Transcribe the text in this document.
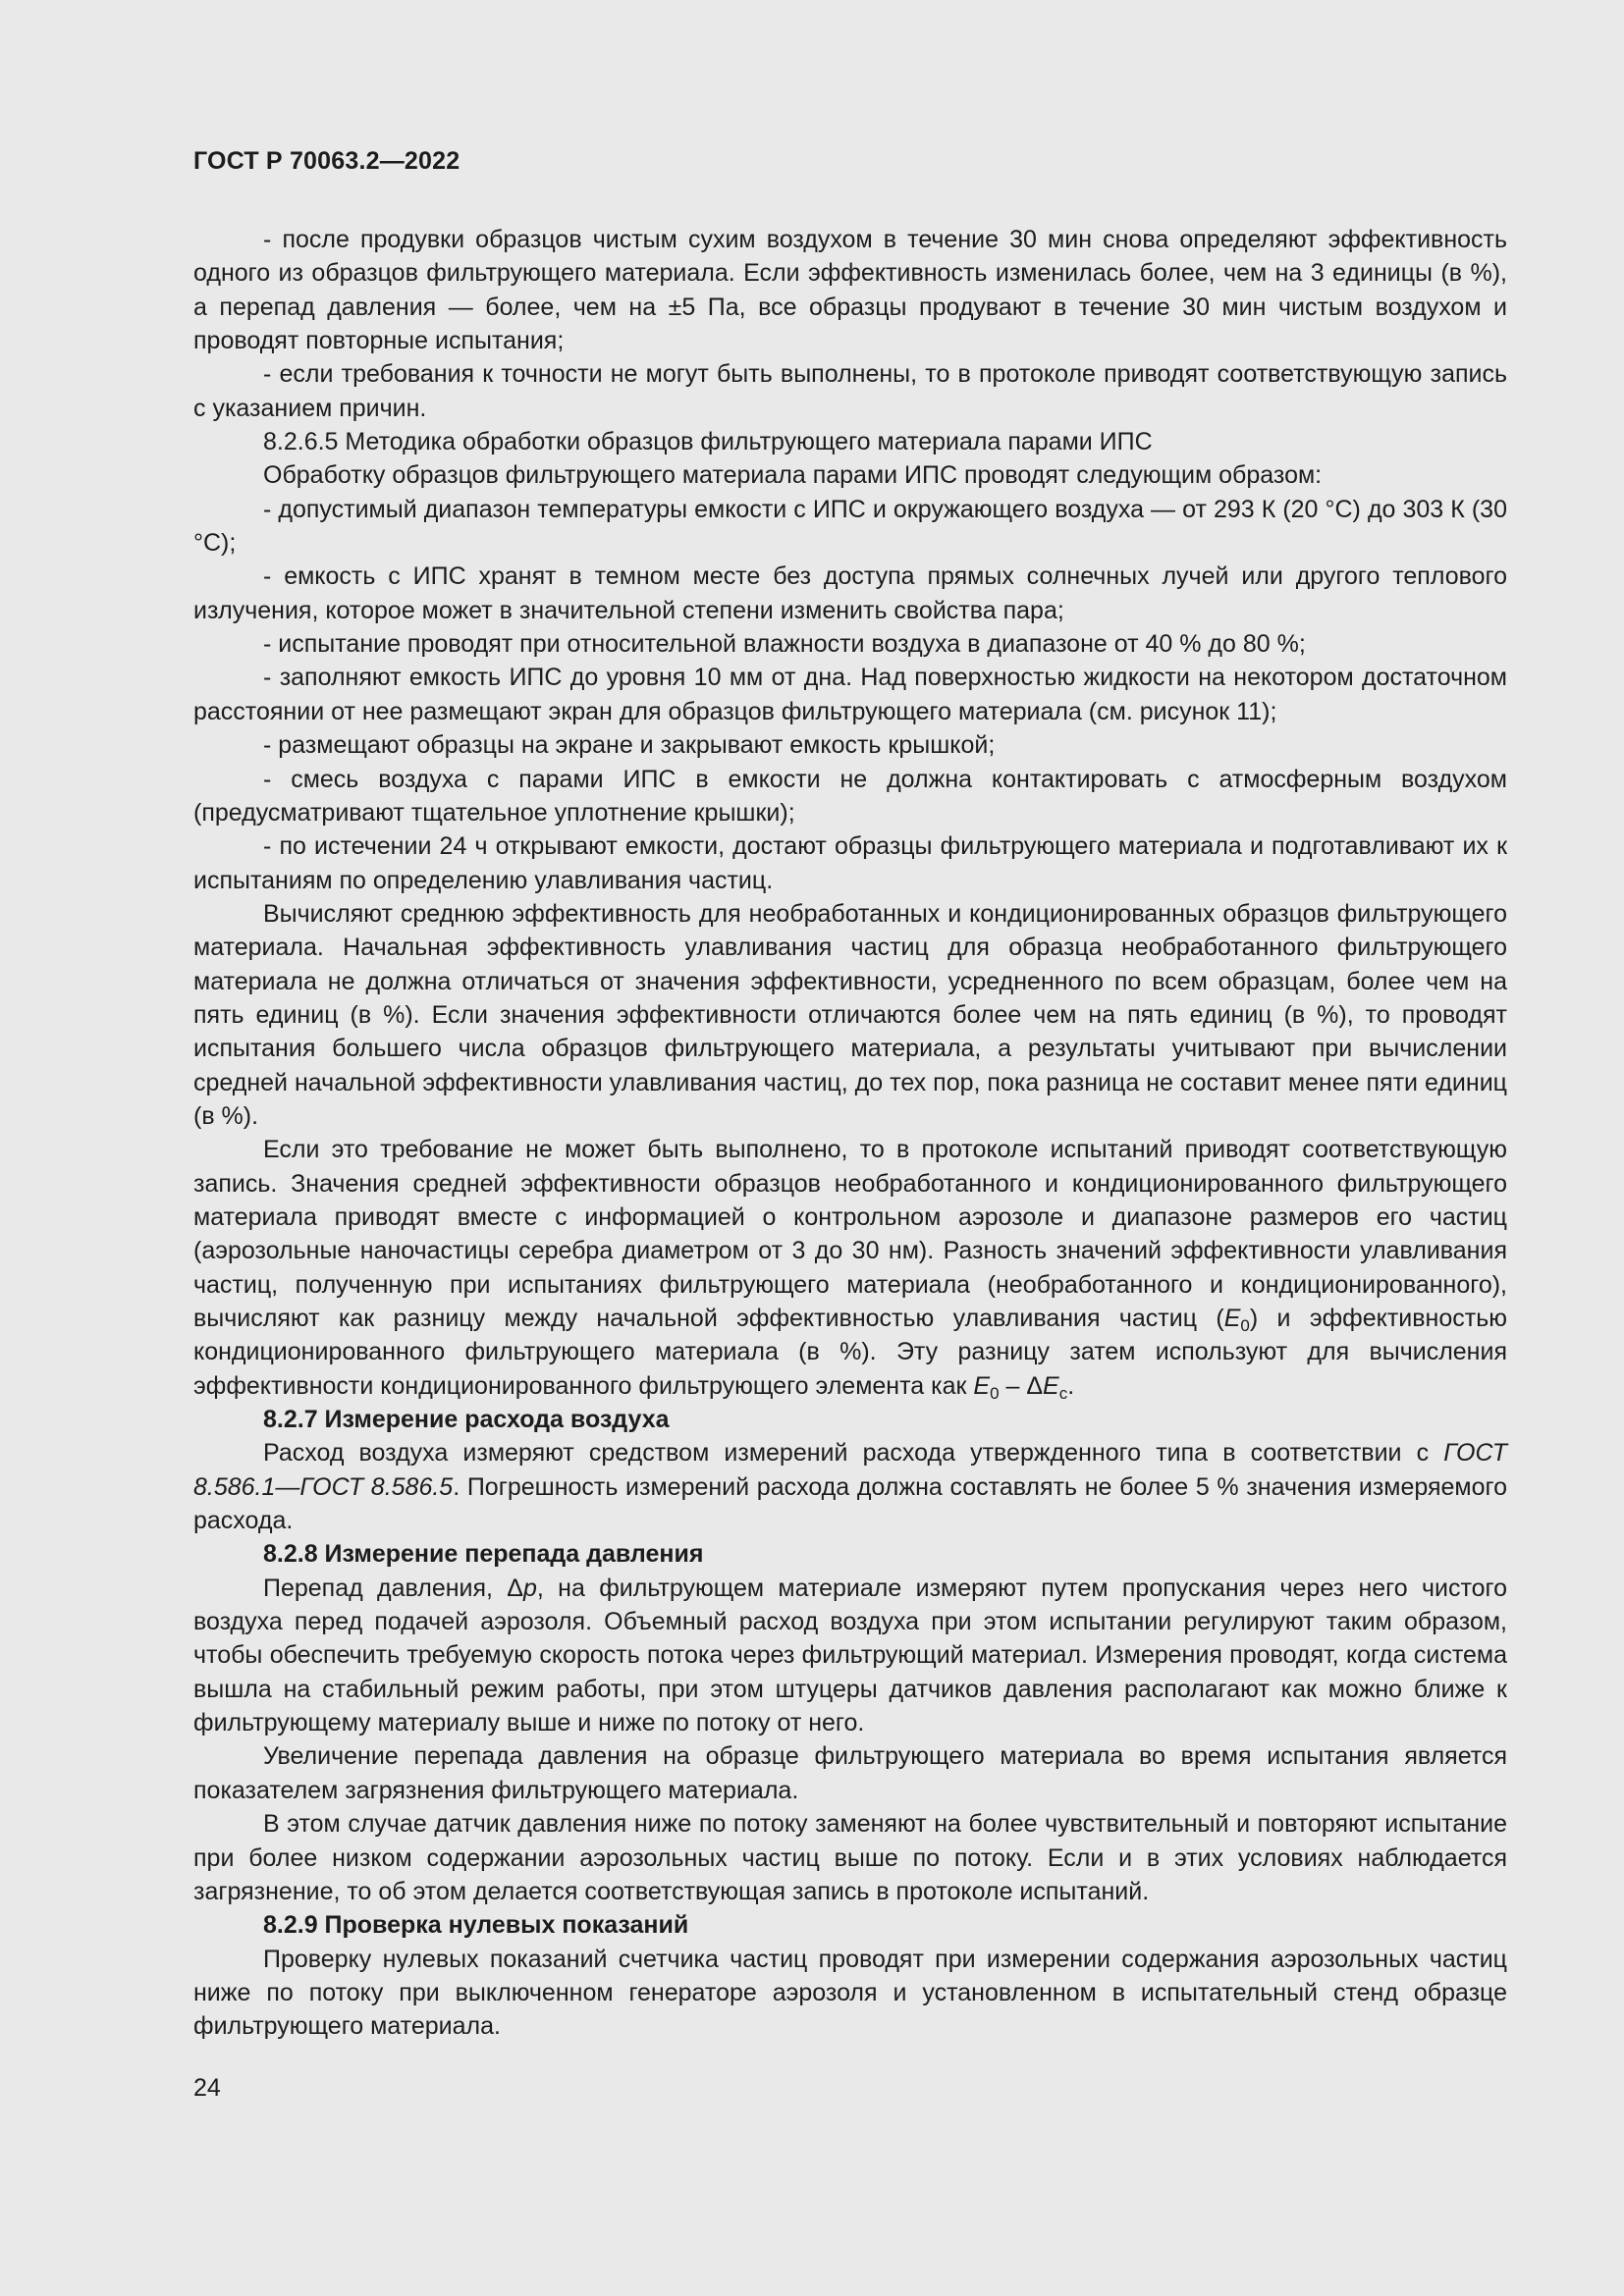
ГОСТ Р 70063.2—2022

- после продувки образцов чистым сухим воздухом в течение 30 мин снова определяют эффективность одного из образцов фильтрующего материала. Если эффективность изменилась более, чем на 3 единицы (в %), а перепад давления — более, чем на ±5 Па, все образцы продувают в течение 30 мин чистым воздухом и проводят повторные испытания;

- если требования к точности не могут быть выполнены, то в протоколе приводят соответствующую запись с указанием причин.

8.2.6.5 Методика обработки образцов фильтрующего материала парами ИПС

Обработку образцов фильтрующего материала парами ИПС проводят следующим образом:

- допустимый диапазон температуры емкости с ИПС и окружающего воздуха — от 293 К (20 °С) до 303 К (30 °С);

- емкость с ИПС хранят в темном месте без доступа прямых солнечных лучей или другого теплового излучения, которое может в значительной степени изменить свойства пара;

- испытание проводят при относительной влажности воздуха в диапазоне от 40 % до 80 %;

- заполняют емкость ИПС до уровня 10 мм от дна. Над поверхностью жидкости на некотором достаточном расстоянии от нее размещают экран для образцов фильтрующего материала (см. рисунок 11);

- размещают образцы на экране и закрывают емкость крышкой;

- смесь воздуха с парами ИПС в емкости не должна контактировать с атмосферным воздухом (предусматривают тщательное уплотнение крышки);

- по истечении 24 ч открывают емкости, достают образцы фильтрующего материала и подготавливают их к испытаниям по определению улавливания частиц.

Вычисляют среднюю эффективность для необработанных и кондиционированных образцов фильтрующего материала. Начальная эффективность улавливания частиц для образца необработанного фильтрующего материала не должна отличаться от значения эффективности, усредненного по всем образцам, более чем на пять единиц (в %). Если значения эффективности отличаются более чем на пять единиц (в %), то проводят испытания большего числа образцов фильтрующего материала, а результаты учитывают при вычислении средней начальной эффективности улавливания частиц, до тех пор, пока разница не составит менее пяти единиц (в %).

Если это требование не может быть выполнено, то в протоколе испытаний приводят соответствующую запись. Значения средней эффективности образцов необработанного и кондиционированного фильтрующего материала приводят вместе с информацией о контрольном аэрозоле и диапазоне размеров его частиц (аэрозольные наночастицы серебра диаметром от 3 до 30 нм). Разность значений эффективности улавливания частиц, полученную при испытаниях фильтрующего материала (необработанного и кондиционированного), вычисляют как разницу между начальной эффективностью улавливания частиц $(E_0)$ и эффективностью кондиционированного фильтрующего материала (в %). Эту разницу затем используют для вычисления эффективности кондиционированного фильтрующего элемента как $E_0 - \Delta E_c$.

8.2.7 Измерение расхода воздуха

Расход воздуха измеряют средством измерений расхода утвержденного типа в соответствии с ГОСТ 8.586.1—ГОСТ 8.586.5. Погрешность измерений расхода должна составлять не более 5 % значения измеряемого расхода.

8.2.8 Измерение перепада давления

Перепад давления, Δp, на фильтрующем материале измеряют путем пропускания через него чистого воздуха перед подачей аэрозоля. Объемный расход воздуха при этом испытании регулируют таким образом, чтобы обеспечить требуемую скорость потока через фильтрующий материал. Измерения проводят, когда система вышла на стабильный режим работы, при этом штуцеры датчиков давления располагают как можно ближе к фильтрующему материалу выше и ниже по потоку от него.

Увеличение перепада давления на образце фильтрующего материала во время испытания является показателем загрязнения фильтрующего материала.

В этом случае датчик давления ниже по потоку заменяют на более чувствительный и повторяют испытание при более низком содержании аэрозольных частиц выше по потоку. Если и в этих условиях наблюдается загрязнение, то об этом делается соответствующая запись в протоколе испытаний.

8.2.9 Проверка нулевых показаний

Проверку нулевых показаний счетчика частиц проводят при измерении содержания аэрозольных частиц ниже по потоку при выключенном генераторе аэрозоля и установленном в испытательный стенд образце фильтрующего материала.

24
